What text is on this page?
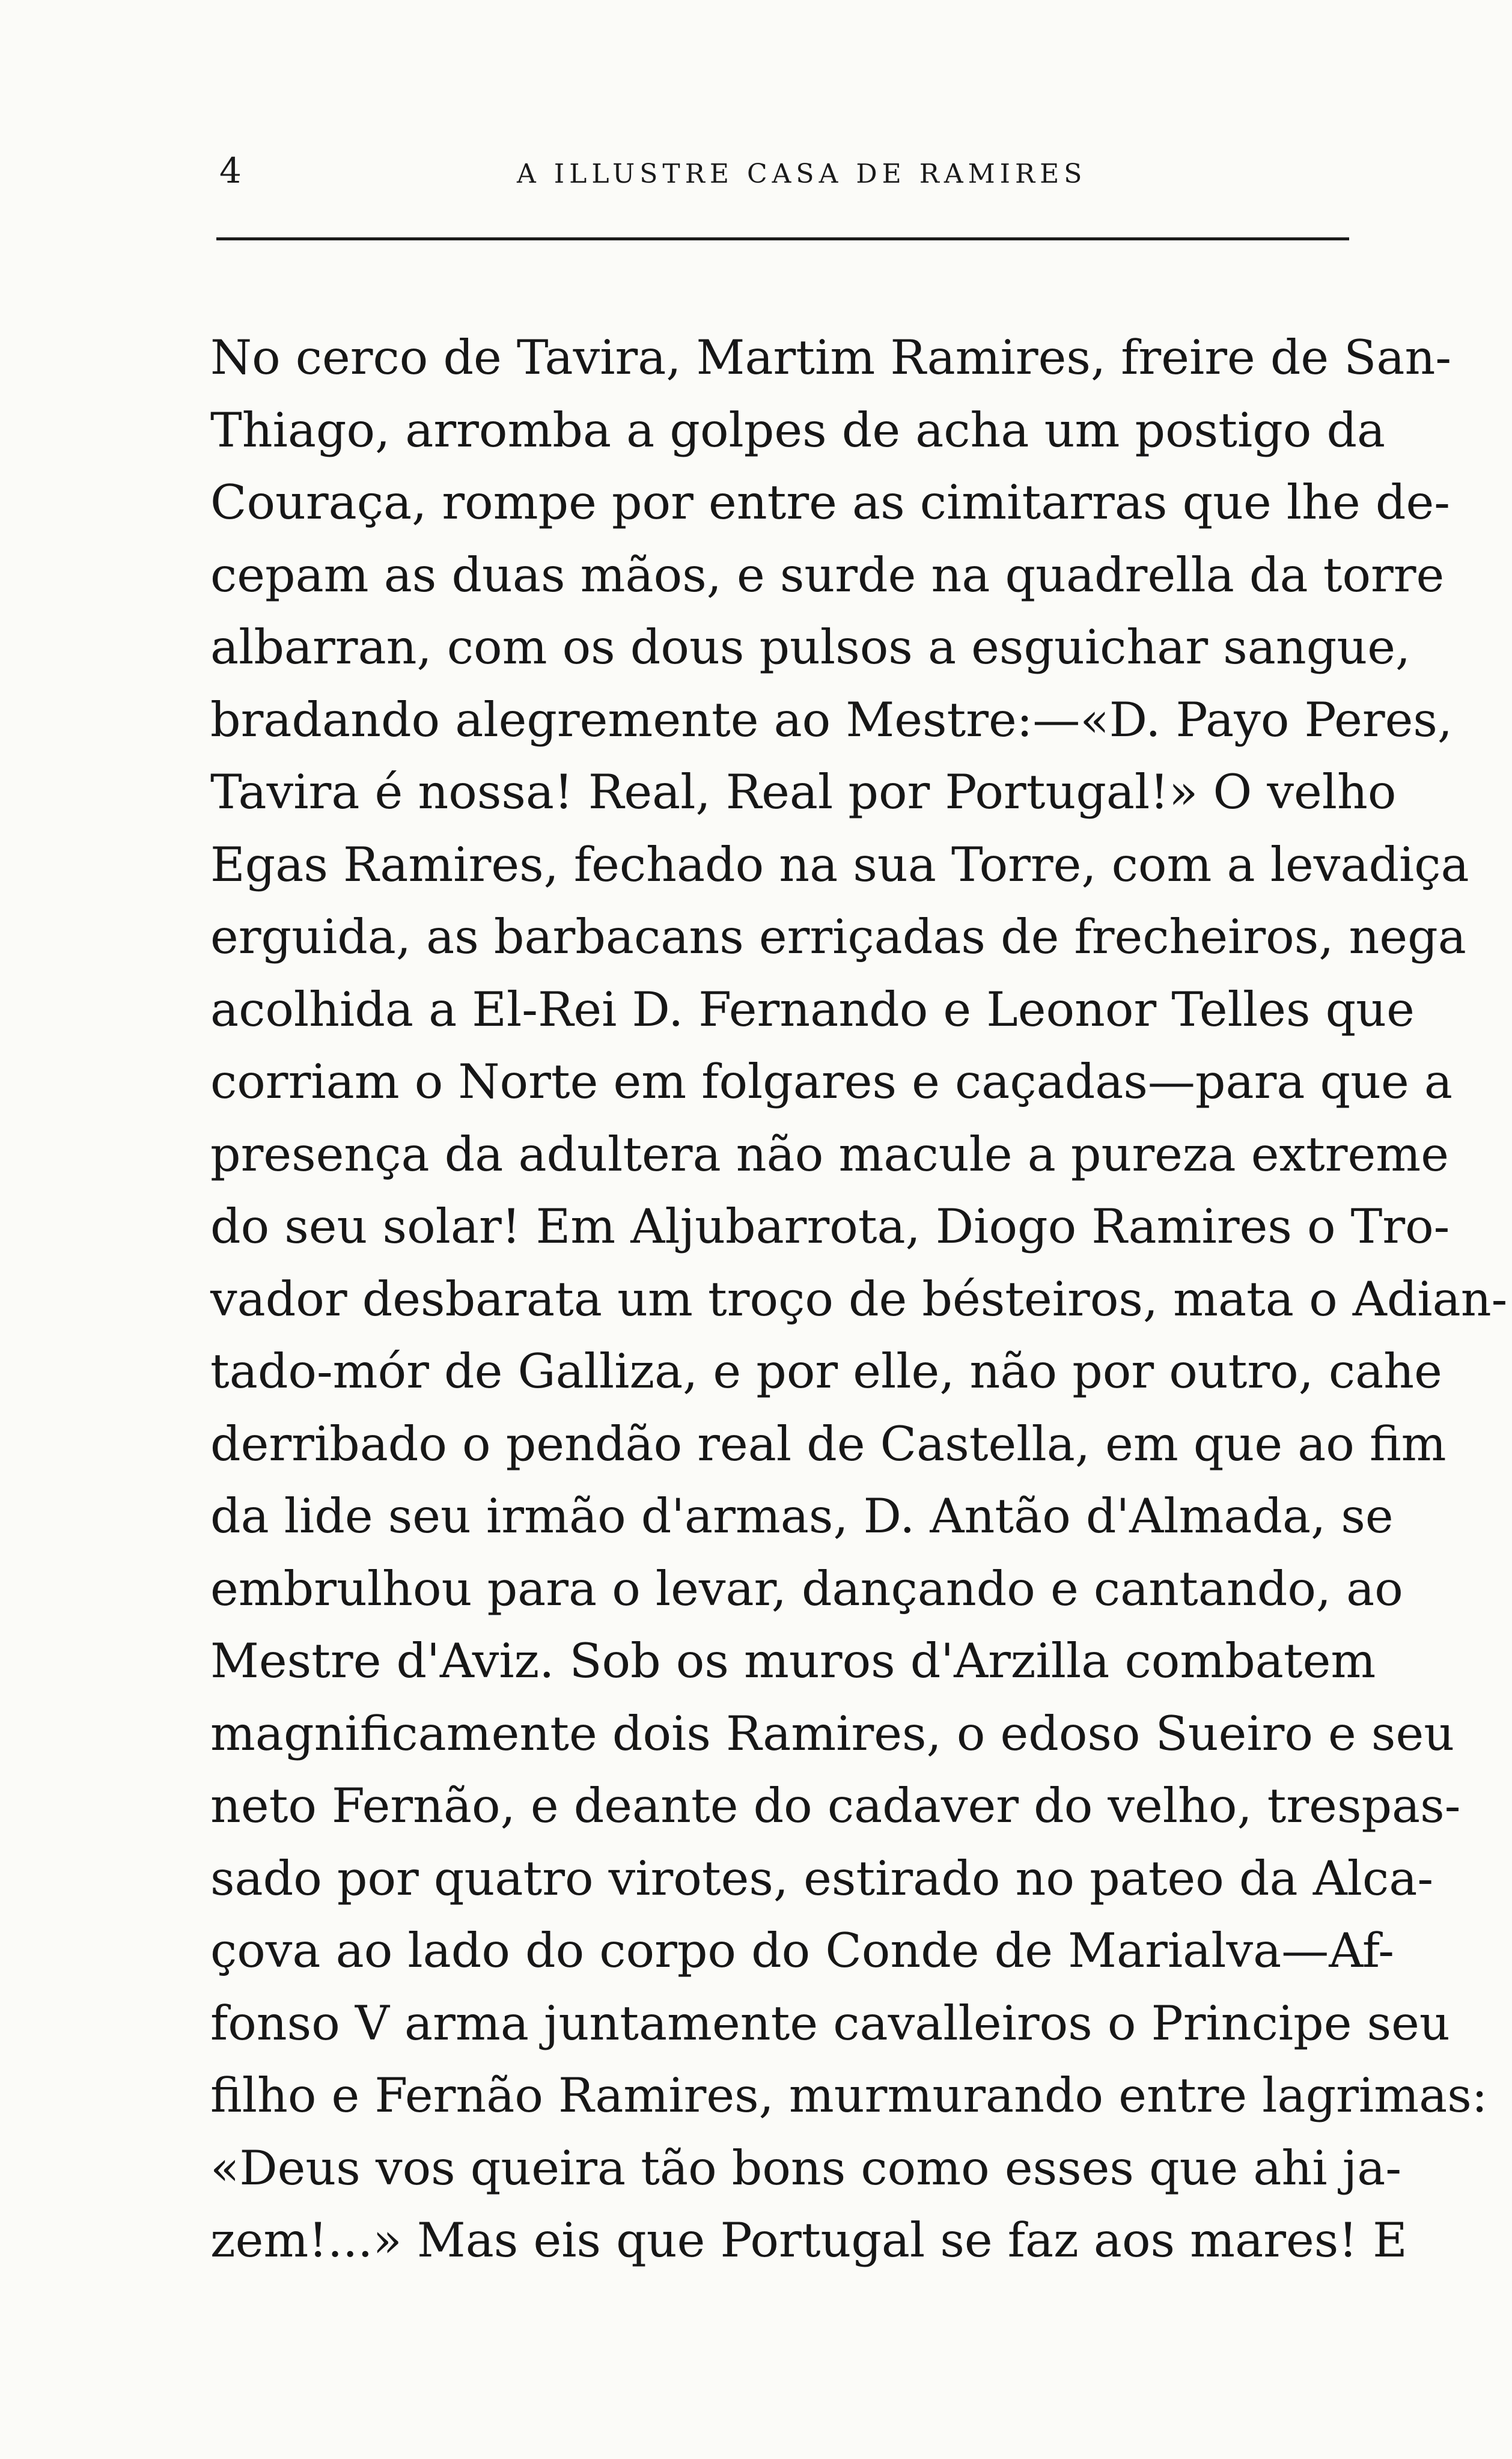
4	A ILLUSTRE CASA DE RAMIRES
No cerco de Tavira, Martim Ramires, freire de San-
Thiago, arromba a golpes de acha um postigo da
Couraça, rompe por entre as cimitarras que lhe de-
cepam as duas mãos, e surde na quadrella da torre
albarran, com os dous pulsos a esguichar sangue,
bradando alegremente ao Mestre:—«D. Payo Peres,
Tavira é nossa! Real, Real por Portugal!» O velho
Egas Ramires, fechado na sua Torre, com a levadiça
erguida, as barbacans erriçadas de frecheiros, nega
acolhida a El-Rei D. Fernando e Leonor Telles que
corriam o Norte em folgares e caçadas—para que a
presença da adultera não macule a pureza extreme
do seu solar! Em Aljubarrota, Diogo Ramires o Tro-
vador desbarata um troço de bésteiros, mata o Adian-
tado-mór de Galliza, e por elle, não por outro, cahe
derribado o pendão real de Castella, em que ao fim
da lide seu irmão d'armas, D. Antão d'Almada, se
embrulhou para o levar, dançando e cantando, ao
Mestre d'Aviz. Sob os muros d'Arzilla combatem
magnificamente dois Ramires, o edoso Sueiro e seu
neto Fernão, e deante do cadaver do velho, trespas-
sado por quatro virotes, estirado no pateo da Alca-
çova ao lado do corpo do Conde de Marialva—Af-
fonso V arma juntamente cavalleiros o Principe seu
filho e Fernão Ramires, murmurando entre lagrimas:
«Deus vos queira tão bons como esses que ahi ja-
zem!...» Mas eis que Portugal se faz aos mares! E
